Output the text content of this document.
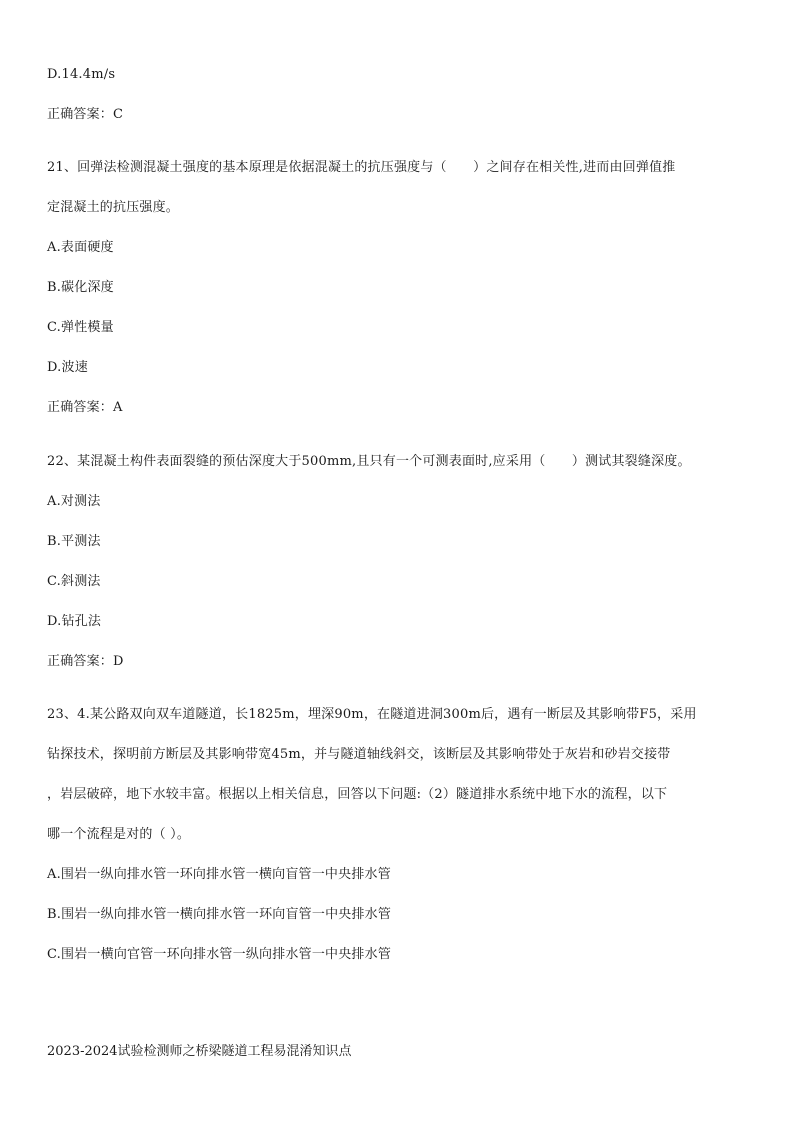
D.14.4m/s
正确答案：C
21、回弹法检测混凝土强度的基本原理是依据混凝土的抗压强度与（　　）之间存在相关性,进而由回弹值推
定混凝土的抗压强度。
A.表面硬度
B.碳化深度
C.弹性模量
D.波速
正确答案：A
22、某混凝土构件表面裂缝的预估深度大于500mm,且只有一个可测表面时,应采用（　　）测试其裂缝深度。
A.对测法
B.平测法
C.斜测法
D.钻孔法
正确答案：D
23、4.某公路双向双车道隧道，长1825m，埋深90m，在隧道进洞300m后，遇有一断层及其影响带F5，采用
钻探技术，探明前方断层及其影响带宽45m，并与隧道轴线斜交，该断层及其影响带处于灰岩和砂岩交接带
，岩层破碎，地下水较丰富。根据以上相关信息，回答以下问题:（2）隧道排水系统中地下水的流程，以下
哪一个流程是对的（ ）。
A.围岩一纵向排水管一环向排水管一横向盲管一中央排水管
B.围岩一纵向排水管一横向排水管一环向盲管一中央排水管
C.围岩一横向官管一环向排水管一纵向排水管一中央排水管
2023-2024试验检测师之桥梁隧道工程易混淆知识点
